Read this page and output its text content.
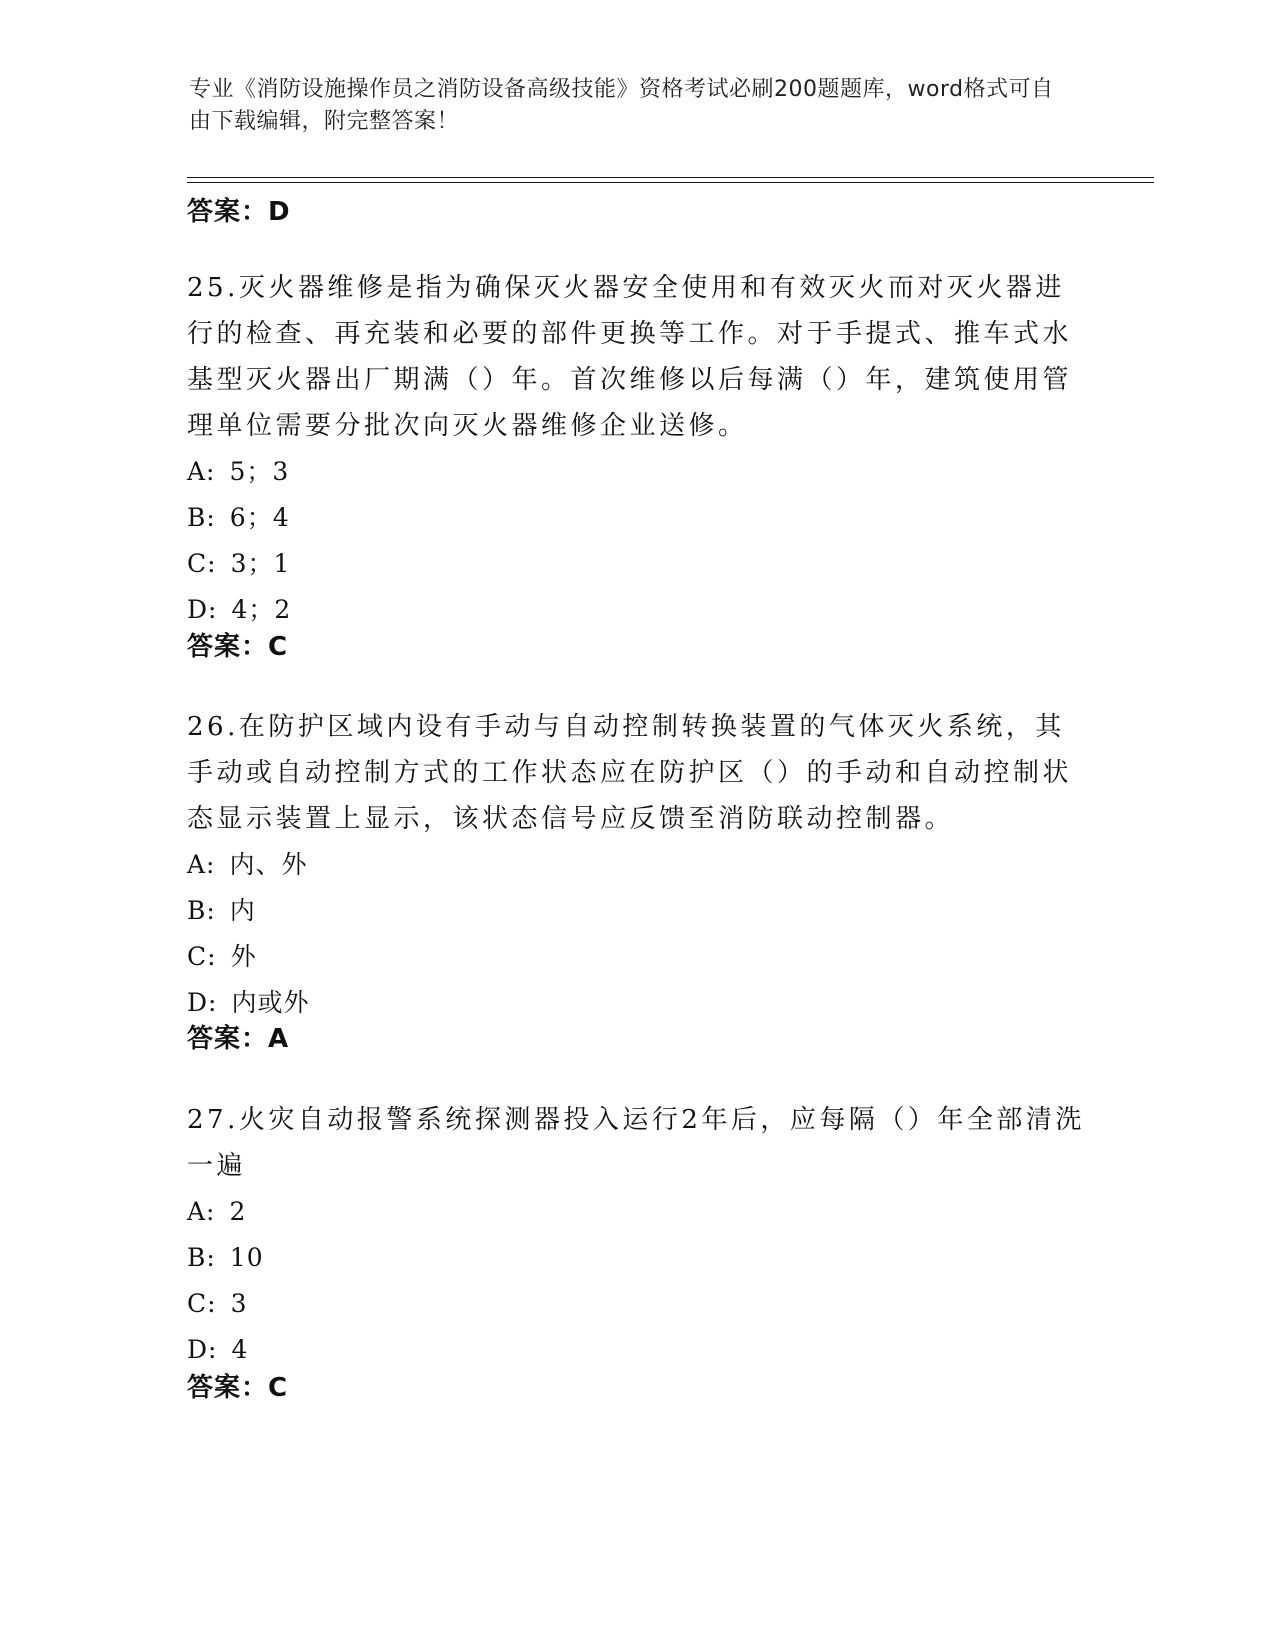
专业《消防设施操作员之消防设备高级技能》资格考试必刷200题题库，word格式可自由下载编辑，附完整答案！
答案：D

25.灭火器维修是指为确保灭火器安全使用和有效灭火而对灭火器进行的检查、再充装和必要的部件更换等工作。对于手提式、推车式水基型灭火器出厂期满（）年。首次维修以后每满（）年，建筑使用管理单位需要分批次向灭火器维修企业送修。

A: 5；3
B: 6；4
C: 3；1
D: 4；2
答案：C

26.在防护区域内设有手动与自动控制转换装置的气体灭火系统，其手动或自动控制方式的工作状态应在防护区（）的手动和自动控制状态显示装置上显示，该状态信号应反馈至消防联动控制器。

A: 内、外
B: 内
C: 外
D: 内或外
答案：A

27.火灾自动报警系统探测器投入运行2年后，应每隔（）年全部清洗一遍

A: 2
B: 10
C: 3
D: 4
答案：C
